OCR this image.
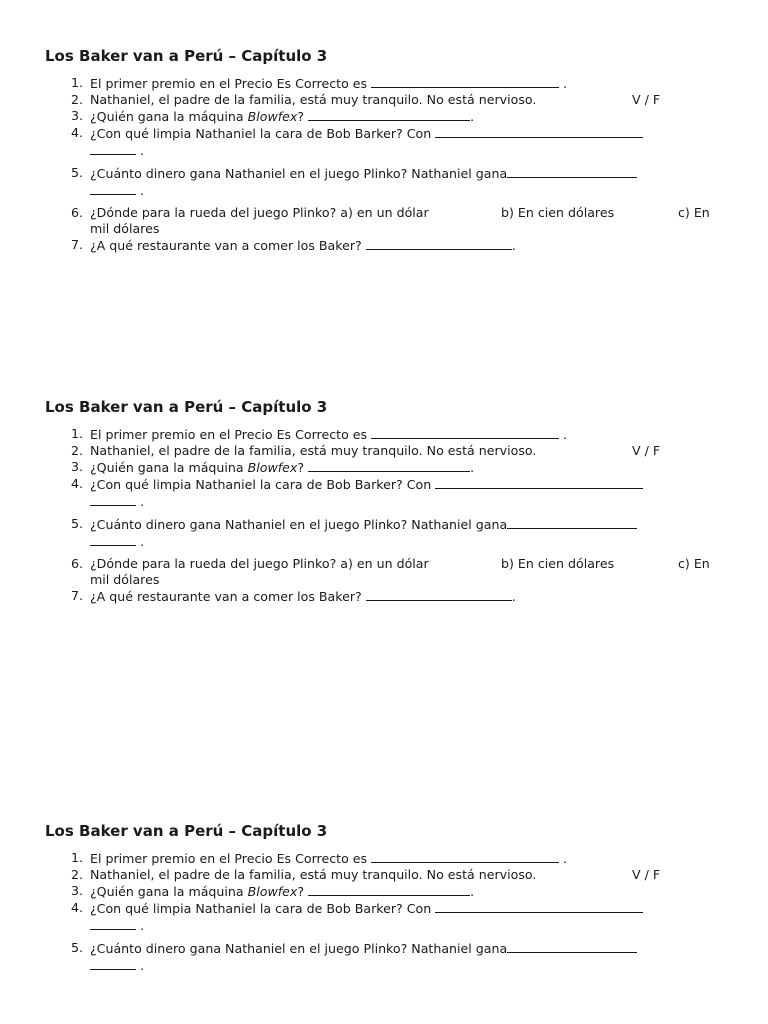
Los Baker van a Perú – Capítulo 3
1. El primer premio en el Precio Es Correcto es	.
2. Nathaniel, el padre de la familia, está muy tranquilo. No está nervioso.	V / F
3. ¿Quién gana la máquina Blowfex?	.
4. ¿Con qué limpia Nathaniel la cara de Bob Barker? Con
.
5. ¿Cuánto dinero gana Nathaniel en el juego Plinko? Nathaniel gana
.
6. ¿Dónde para la rueda del juego Plinko? a) en un dólar	b) En cien dólares	c) En
mil dólares
7. ¿A qué restaurante van a comer los Baker?	.
Los Baker van a Perú – Capítulo 3
1. El primer premio en el Precio Es Correcto es	.
2. Nathaniel, el padre de la familia, está muy tranquilo. No está nervioso.	V / F
3. ¿Quién gana la máquina Blowfex?	.
4. ¿Con qué limpia Nathaniel la cara de Bob Barker? Con
.
5. ¿Cuánto dinero gana Nathaniel en el juego Plinko? Nathaniel gana
.
6. ¿Dónde para la rueda del juego Plinko? a) en un dólar	b) En cien dólares	c) En
mil dólares
7. ¿A qué restaurante van a comer los Baker?	.
Los Baker van a Perú – Capítulo 3
1. El primer premio en el Precio Es Correcto es	.
2. Nathaniel, el padre de la familia, está muy tranquilo. No está nervioso.	V / F
3. ¿Quién gana la máquina Blowfex?	.
4. ¿Con qué limpia Nathaniel la cara de Bob Barker? Con
.
5. ¿Cuánto dinero gana Nathaniel en el juego Plinko? Nathaniel gana
.
